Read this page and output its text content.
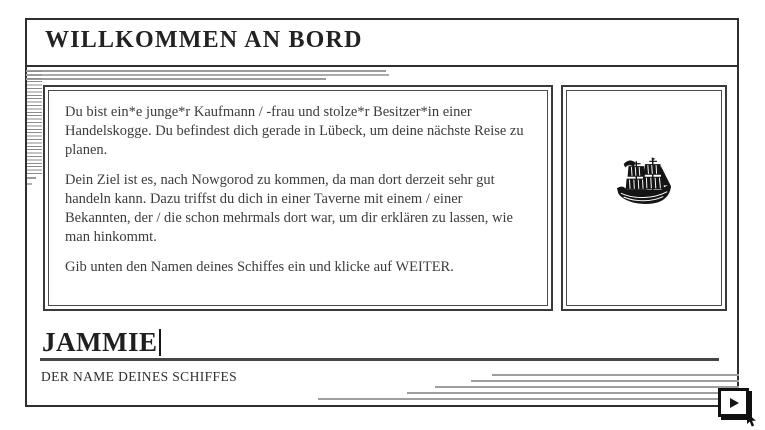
WILLKOMMEN AN BORD

Du bist ein*e junge*r Kaufmann / -frau und stolze*r Besitzer*in einer Handelskogge. Du befindest dich gerade in Lübeck, um deine nächste Reise zu planen.

Dein Ziel ist es, nach Nowgorod zu kommen, da man dort derzeit sehr gut handeln kann. Dazu triffst du dich in einer Taverne mit einem / einer Bekannten, der / die schon mehrmals dort war, um dir erklären zu lassen, wie man hinkommt.

Gib unten den Namen deines Schiffes ein und klicke auf WEITER.

JAMMIE
DER NAME DEINES SCHIFFES
